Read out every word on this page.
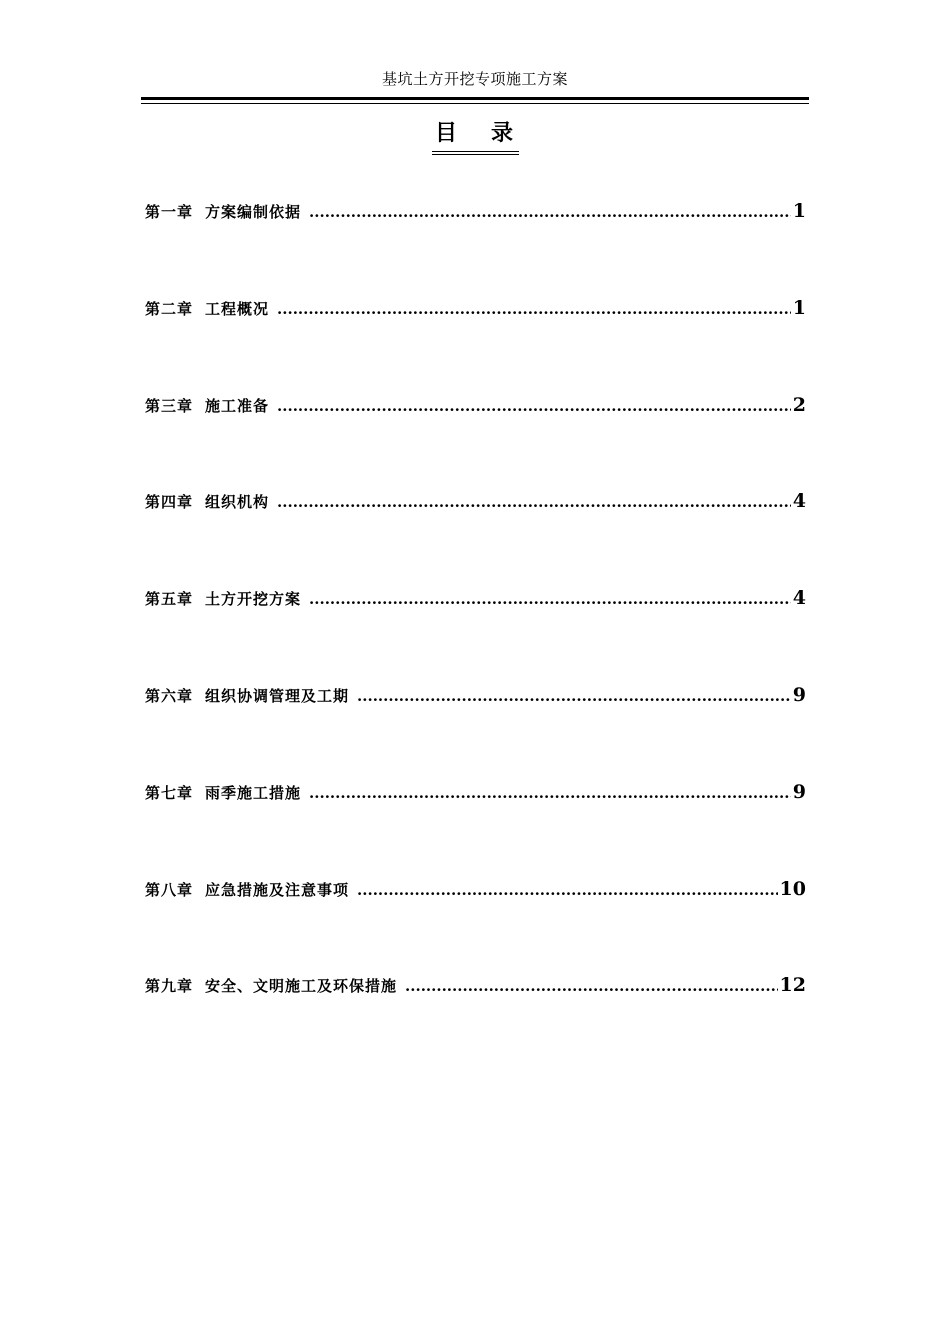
基坑土方开挖专项施工方案
目 录
第一章 方案编制依据 .....	1
第二章 工程概况 .....	1
第三章 施工准备 .....	2
第四章 组织机构 .....	4
第五章 土方开挖方案 .....	4
第六章 组织协调管理及工期 .....	9
第七章 雨季施工措施 .....	9
第八章 应急措施及注意事项 .....	10
第九章 安全、文明施工及环保措施 .....	12
